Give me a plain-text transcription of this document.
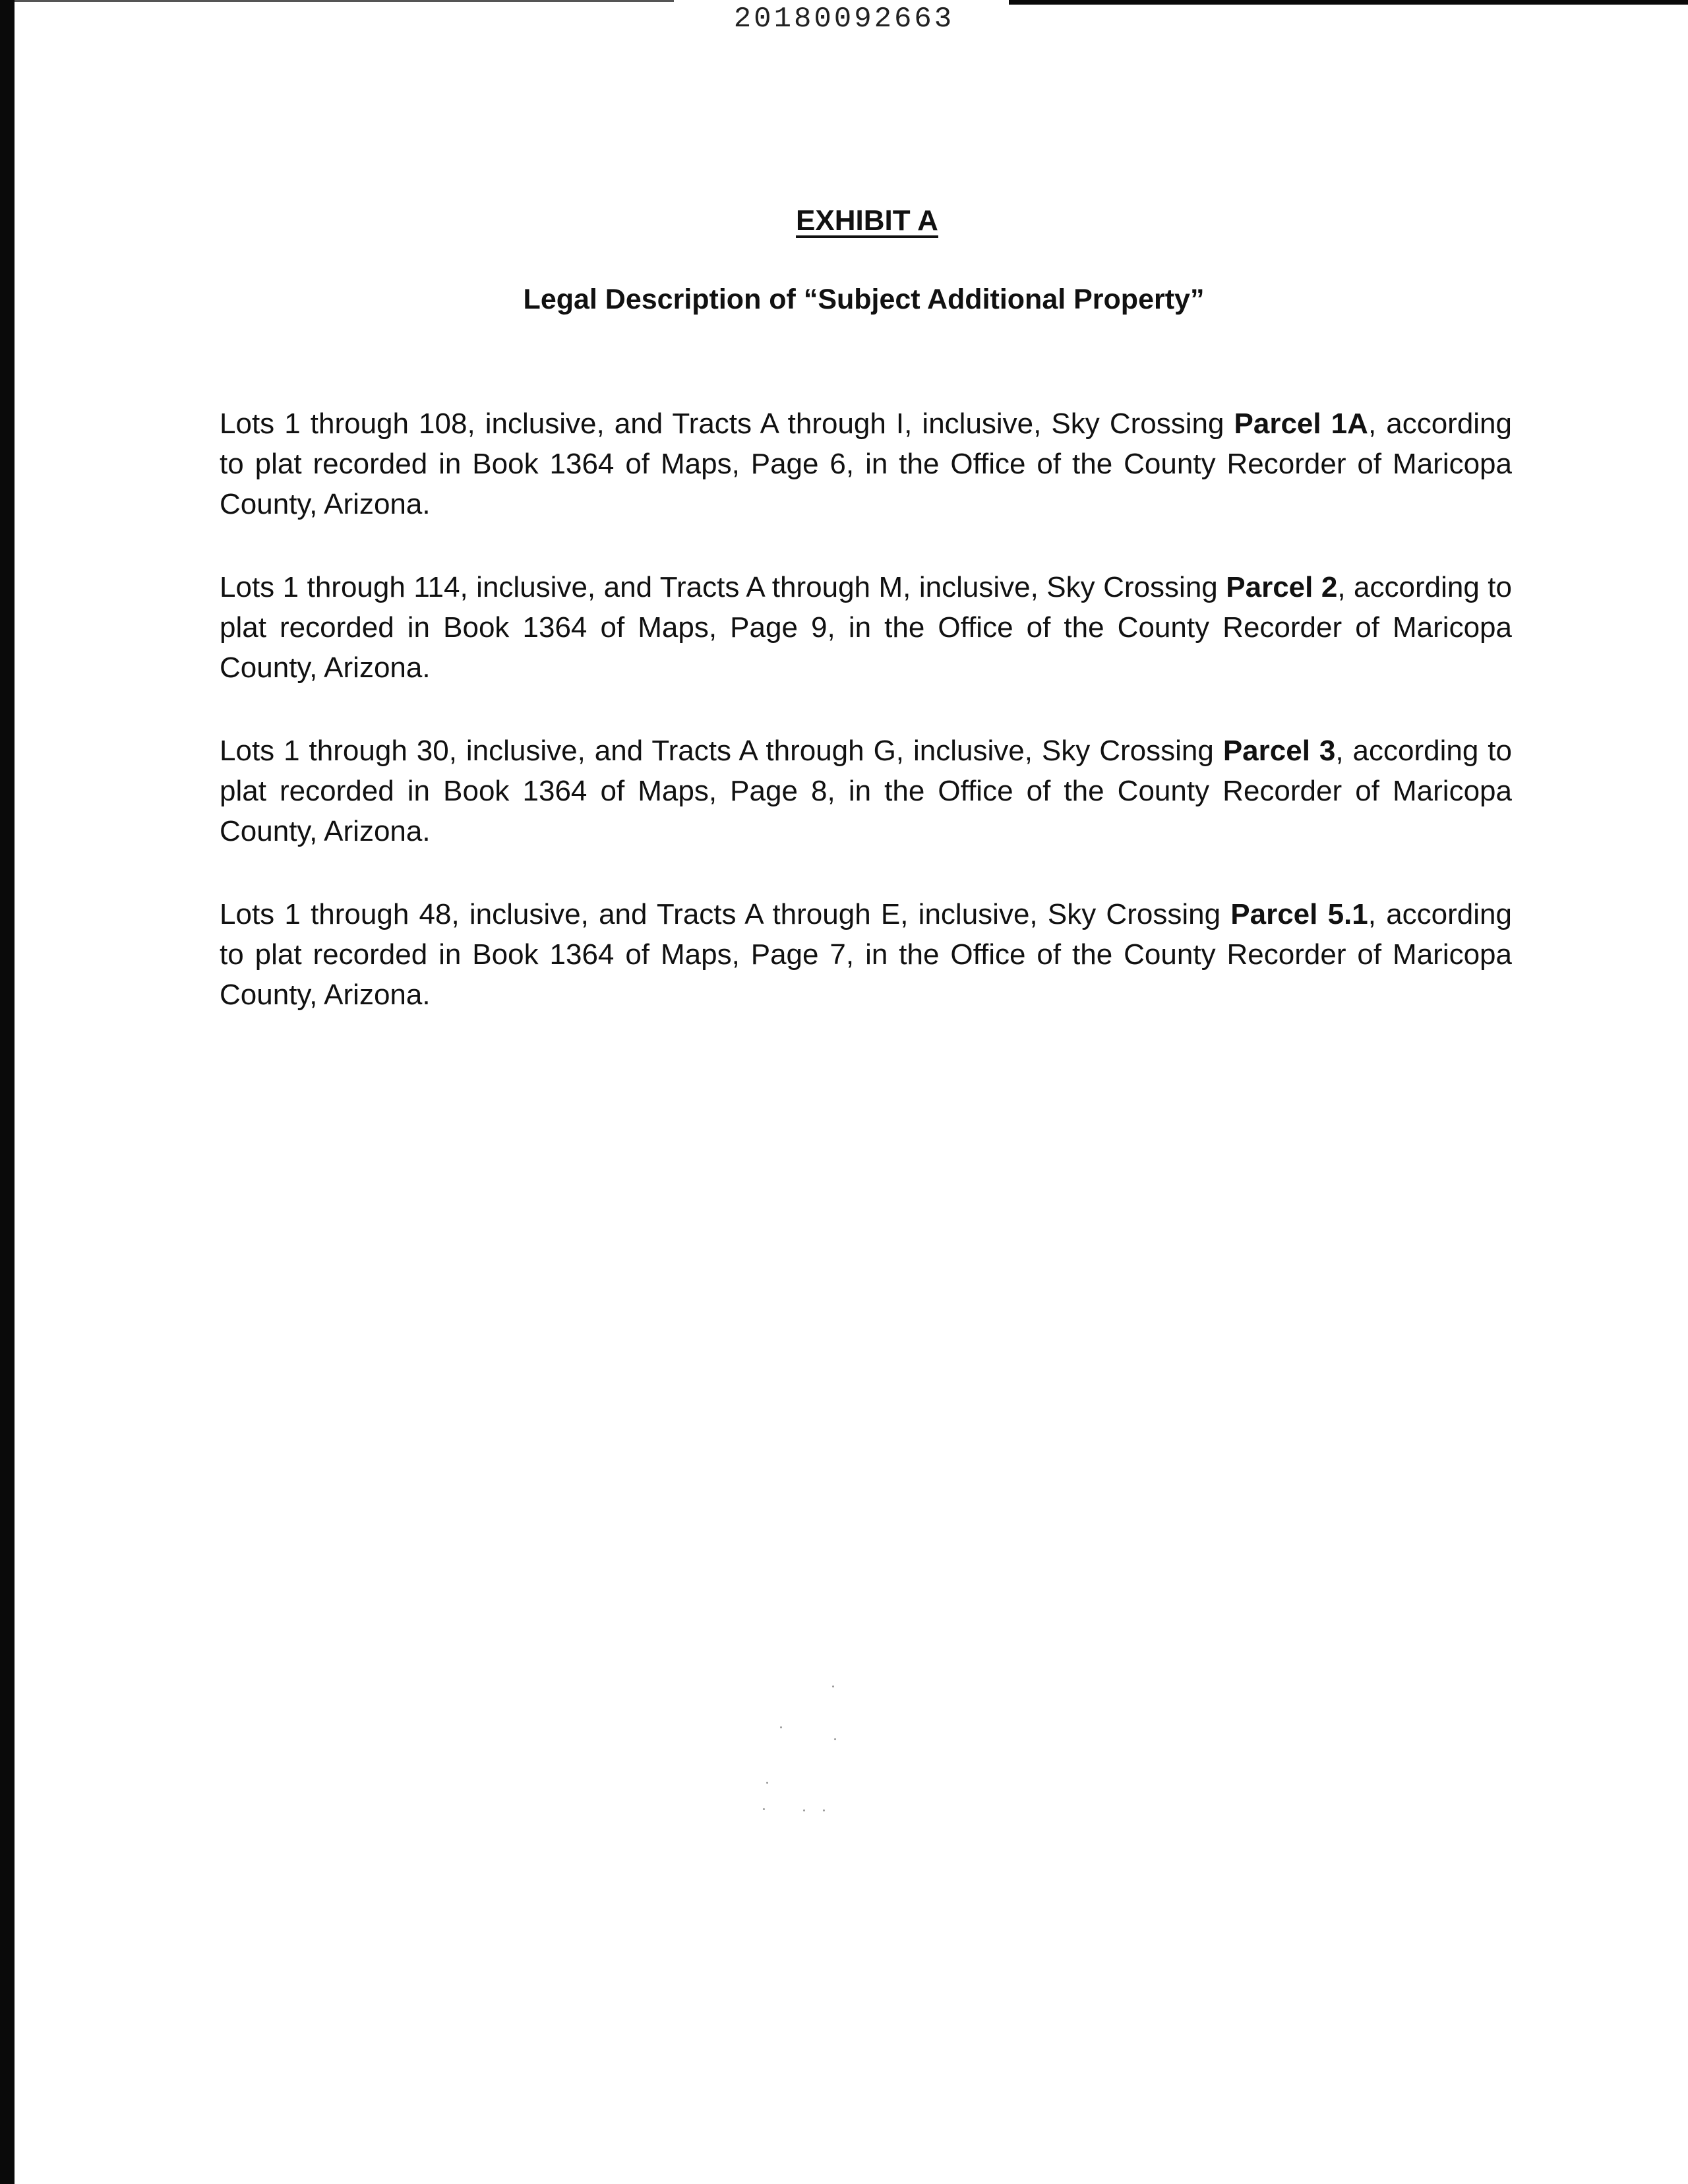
20180092663
EXHIBIT A
Legal Description of “Subject Additional Property”

Lots 1 through 108, inclusive, and Tracts A through I, inclusive, Sky Crossing Parcel 1A, according to plat recorded in Book 1364 of Maps, Page 6, in the Office of the County Recorder of Maricopa County, Arizona.

Lots 1 through 114, inclusive, and Tracts A through M, inclusive, Sky Crossing Parcel 2, according to plat recorded in Book 1364 of Maps, Page 9, in the Office of the County Recorder of Maricopa County, Arizona.

Lots 1 through 30, inclusive, and Tracts A through G, inclusive, Sky Crossing Parcel 3, according to plat recorded in Book 1364 of Maps, Page 8, in the Office of the County Recorder of Maricopa County, Arizona.

Lots 1 through 48, inclusive, and Tracts A through E, inclusive, Sky Crossing Parcel 5.1, according to plat recorded in Book 1364 of Maps, Page 7, in the Office of the County Recorder of Maricopa County, Arizona.
